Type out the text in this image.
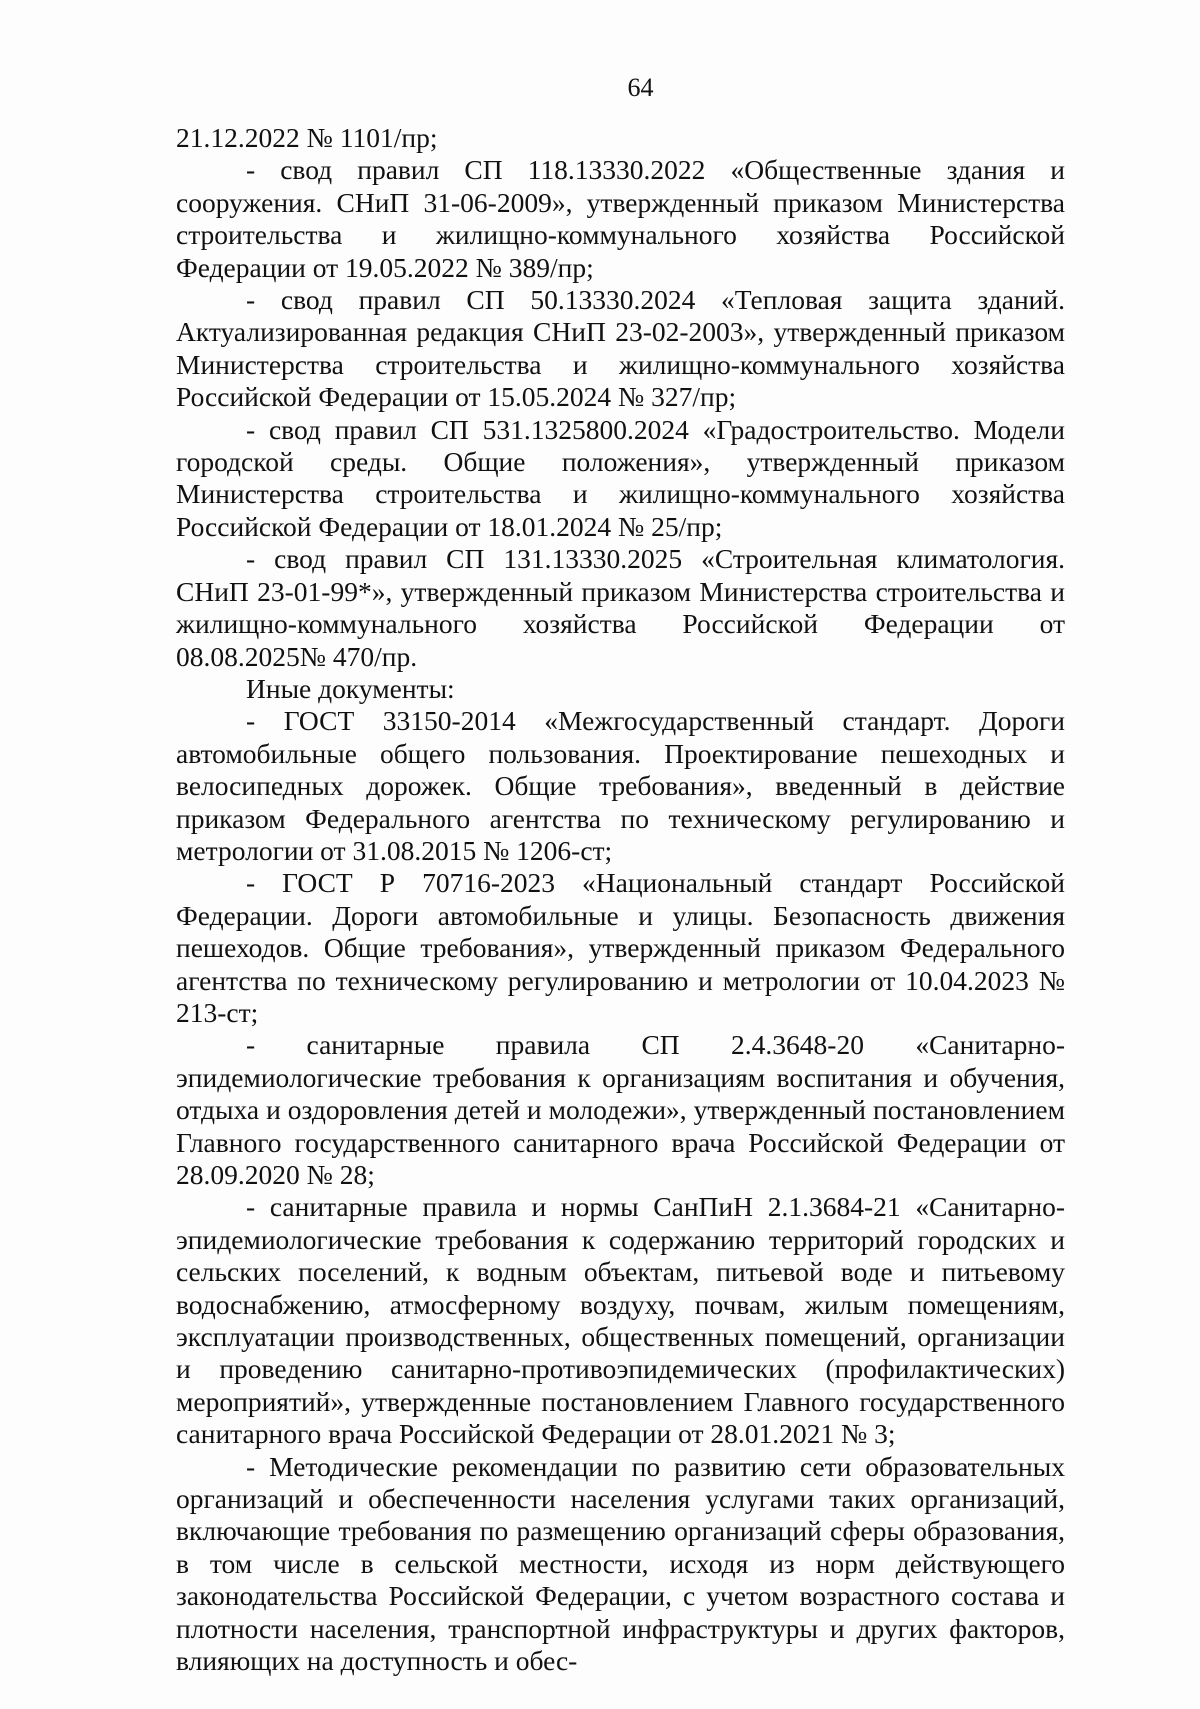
64

21.12.2022 № 1101/пр;

- свод правил СП 118.13330.2022 «Общественные здания и сооружения. СНиП 31-06-2009», утвержденный приказом Министерства строительства и жилищно-коммунального хозяйства Российской Федерации от 19.05.2022 № 389/пр;

- свод правил СП 50.13330.2024 «Тепловая защита зданий. Актуализированная редакция СНиП 23-02-2003», утвержденный приказом Министерства строительства и жилищно-коммунального хозяйства Российской Федерации от 15.05.2024 № 327/пр;

- свод правил СП 531.1325800.2024 «Градостроительство. Модели городской среды. Общие положения», утвержденный приказом Министерства строительства и жилищно-коммунального хозяйства Российской Федерации от 18.01.2024 № 25/пр;

- свод правил СП 131.13330.2025 «Строительная климатология. СНиП 23-01-99*», утвержденный приказом Министерства строительства и жилищно-коммунального хозяйства Российской Федерации от 08.08.2025№ 470/пр.

Иные документы:

- ГОСТ 33150-2014 «Межгосударственный стандарт. Дороги автомобильные общего пользования. Проектирование пешеходных и велосипедных дорожек. Общие требования», введенный в действие приказом Федерального агентства по техническому регулированию и метрологии от 31.08.2015 № 1206-ст;

- ГОСТ Р 70716-2023 «Национальный стандарт Российской Федерации. Дороги автомобильные и улицы. Безопасность движения пешеходов. Общие требования», утвержденный приказом Федерального агентства по техническому регулированию и метрологии от 10.04.2023 № 213-ст;

- санитарные правила СП 2.4.3648-20 «Санитарно-эпидемиологические требования к организациям воспитания и обучения, отдыха и оздоровления детей и молодежи», утвержденный постановлением Главного государственного санитарного врача Российской Федерации от 28.09.2020 № 28;

- санитарные правила и нормы СанПиН 2.1.3684-21 «Санитарно-эпидемиологические требования к содержанию территорий городских и сельских поселений, к водным объектам, питьевой воде и питьевому водоснабжению, атмосферному воздуху, почвам, жилым помещениям, эксплуатации производственных, общественных помещений, организации и проведению санитарно-противоэпидемических (профилактических) мероприятий», утвержденные постановлением Главного государственного санитарного врача Российской Федерации от 28.01.2021 № 3;

- Методические рекомендации по развитию сети образовательных организаций и обеспеченности населения услугами таких организаций, включающие требования по размещению организаций сферы образования, в том числе в сельской местности, исходя из норм действующего законодательства Российской Федерации, с учетом возрастного состава и плотности населения, транспортной инфраструктуры и других факторов, влияющих на доступность и обес-
